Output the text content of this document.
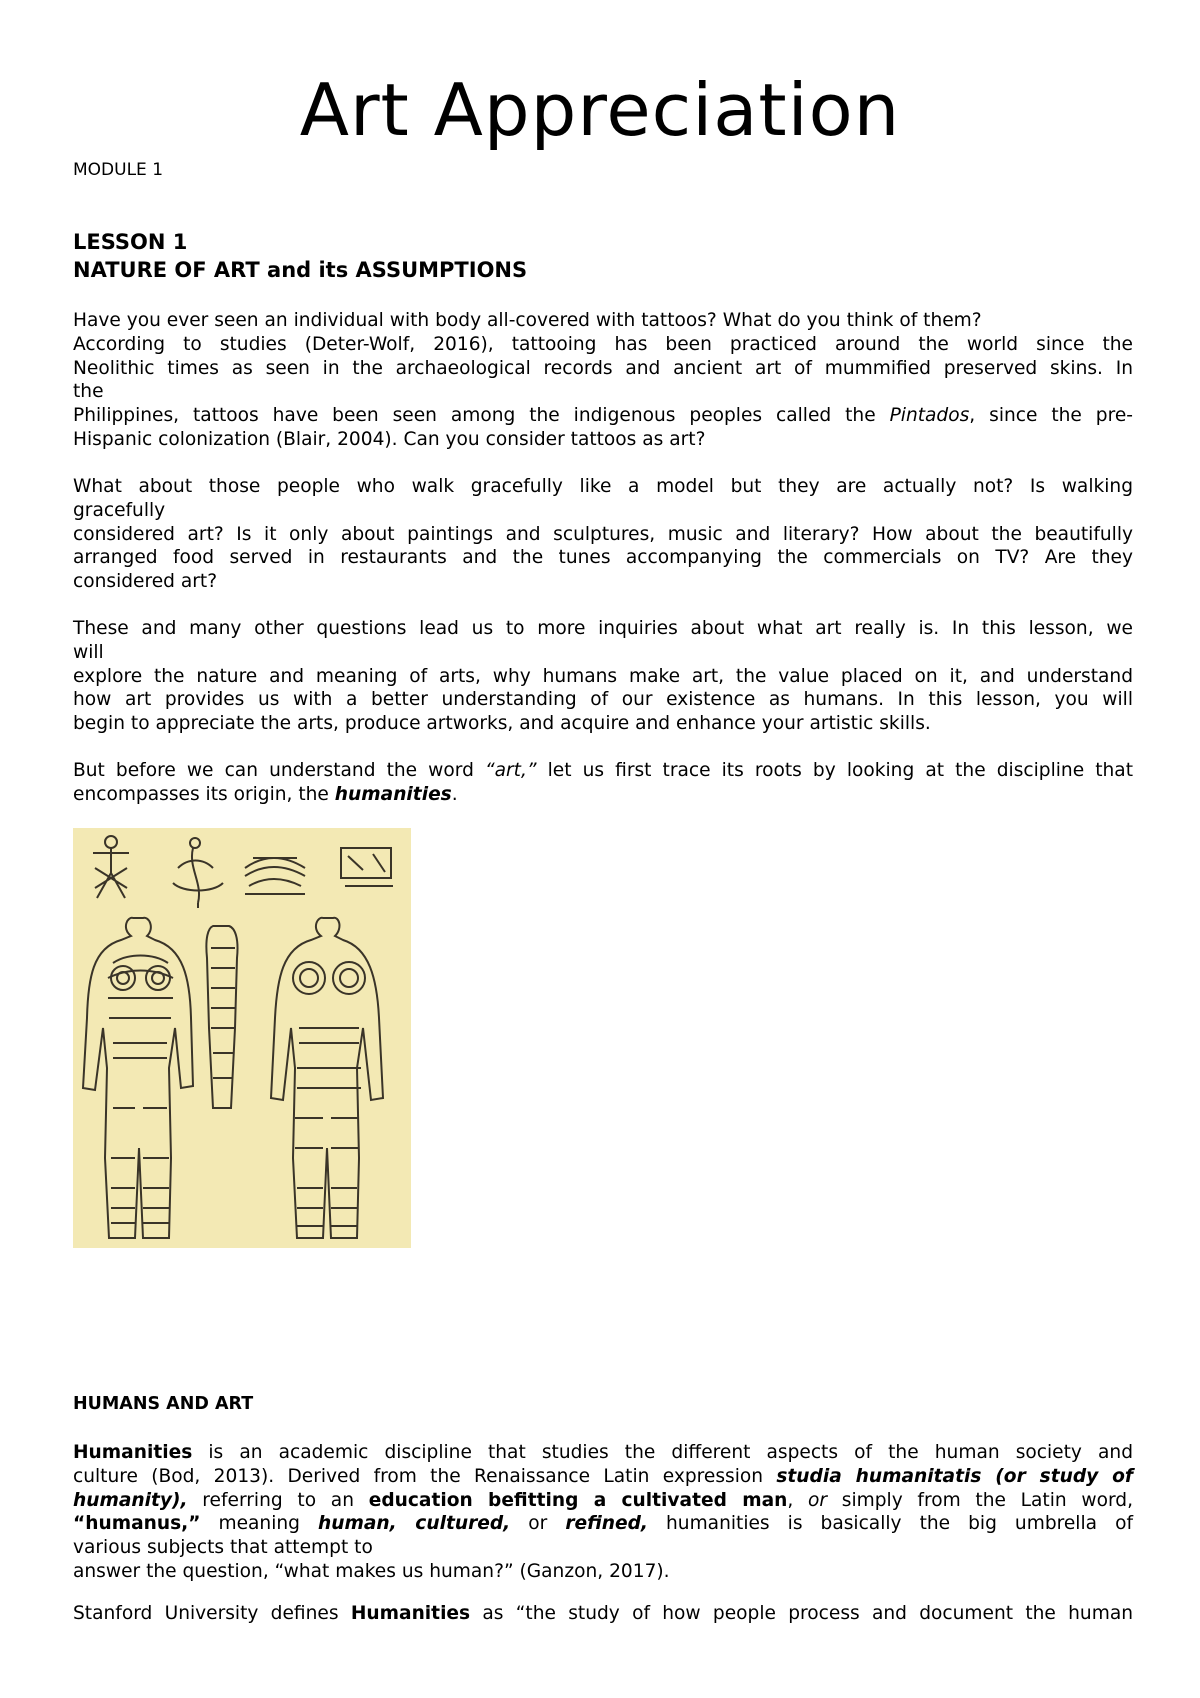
Art Appreciation
MODULE 1
LESSON 1
NATURE OF ART and its ASSUMPTIONS
Have you ever seen an individual with body all-covered with tattoos? What do you think of them?
According to studies (Deter-Wolf, 2016), tattooing has been practiced around the world since the
Neolithic times as seen in the archaeological records and ancient art of mummified preserved skins. In
the
Philippines, tattoos have been seen among the indigenous peoples called the Pintados, since the pre-
Hispanic colonization (Blair, 2004). Can you consider tattoos as art?
What about those people who walk gracefully like a model but they are actually not? Is walking
gracefully
considered art? Is it only about paintings and sculptures, music and literary? How about the beautifully
arranged food served in restaurants and the tunes accompanying the commercials on TV? Are they
considered art?
These and many other questions lead us to more inquiries about what art really is. In this lesson, we
will
explore the nature and meaning of arts, why humans make art, the value placed on it, and understand
how art provides us with a better understanding of our existence as humans. In this lesson, you will
begin to appreciate the arts, produce artworks, and acquire and enhance your artistic skills.
But before we can understand the word “art,” let us first trace its roots by looking at the discipline that
encompasses its origin, the humanities.
HUMANS AND ART
Humanities is an academic discipline that studies the different aspects of the human society and
culture (Bod, 2013). Derived from the Renaissance Latin expression studia humanitatis (or study of
humanity), referring to an education befitting a cultivated man, or simply from the Latin word,
“humanus,” meaning human, cultured, or refined, humanities is basically the big umbrella of
various subjects that attempt to
answer the question, “what makes us human?” (Ganzon, 2017).
Stanford University defines Humanities as “the study of how people process and document the human
